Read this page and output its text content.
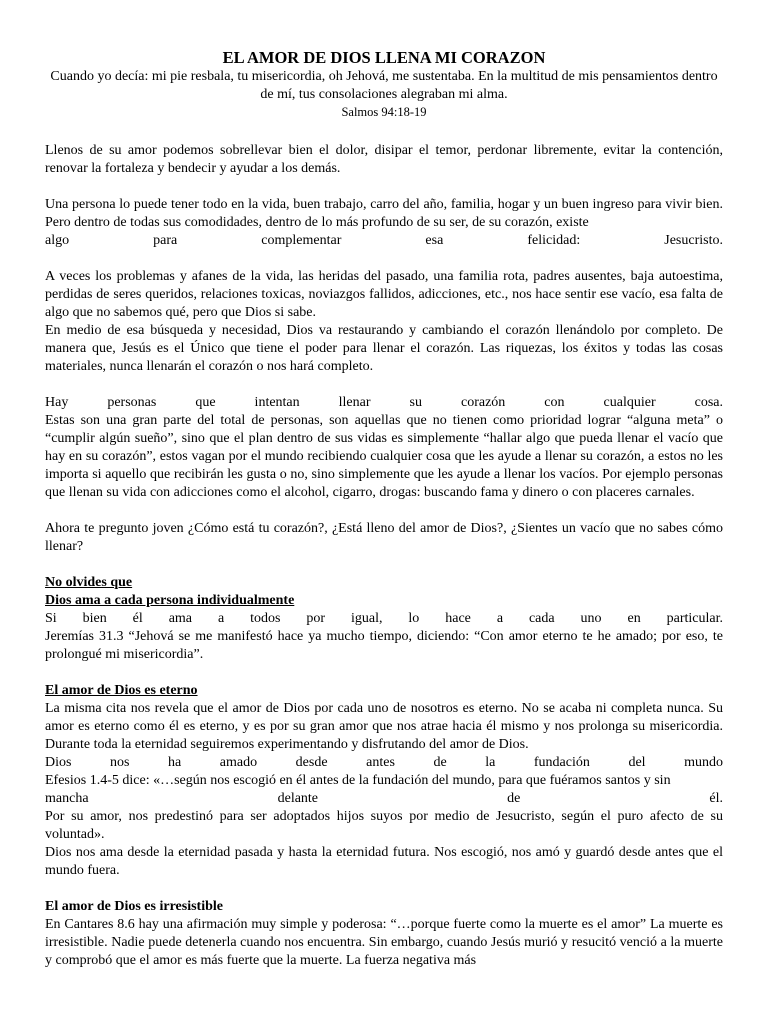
EL AMOR DE DIOS LLENA MI CORAZON

Cuando yo decía: mi pie resbala, tu misericordia, oh Jehová, me sustentaba. En la multitud de mis pensamientos dentro de mí, tus consolaciones alegraban mi alma.

Salmos 94:18-19

Llenos de su amor podemos sobrellevar bien el dolor, disipar el temor, perdonar libremente, evitar la contención, renovar la fortaleza y bendecir y ayudar a los demás.

Una persona lo puede tener todo en la vida, buen trabajo, carro del año, familia, hogar y un buen ingreso para vivir bien. Pero dentro de todas sus comodidades, dentro de lo más profundo de su ser, de su corazón, existe

algo para complementar esa felicidad: Jesucristo.

A veces los problemas y afanes de la vida, las heridas del pasado, una familia rota, padres ausentes, baja autoestima, perdidas de seres queridos, relaciones toxicas, noviazgos fallidos, adicciones, etc., nos hace sentir ese vacío, esa falta de algo que no sabemos qué, pero que Dios si sabe.

En medio de esa búsqueda y necesidad, Dios va restaurando y cambiando el corazón llenándolo por completo. De manera que, Jesús es el Único que tiene el poder para llenar el corazón. Las riquezas, los éxitos y todas las cosas materiales, nunca llenarán el corazón o nos hará completo.

Hay personas que intentan llenar su corazón con cualquier cosa.

Estas son una gran parte del total de personas, son aquellas que no tienen como prioridad lograr “alguna meta” o “cumplir algún sueño”, sino que el plan dentro de sus vidas es simplemente “hallar algo que pueda llenar el vacío que hay en su corazón”, estos vagan por el mundo recibiendo cualquier cosa que les ayude a llenar su corazón, a estos no les importa si aquello que recibirán les gusta o no, sino simplemente que les ayude a llenar los vacíos. Por ejemplo personas que llenan su vida con adicciones como el alcohol, cigarro, drogas: buscando fama y dinero o con placeres carnales.

Ahora te pregunto joven ¿Cómo está tu corazón?, ¿Está lleno del amor de Dios?, ¿Sientes un vacío que no sabes cómo llenar?

No olvides que

Dios ama a cada persona individualmente

Si bien él ama a todos por igual, lo hace a cada uno en particular.

Jeremías 31.3 “Jehová se me manifestó hace ya mucho tiempo, diciendo: “Con amor eterno te he amado; por eso, te prolongué mi misericordia”.

El amor de Dios es eterno

La misma cita nos revela que el amor de Dios por cada uno de nosotros es eterno. No se acaba ni completa nunca. Su amor es eterno como él es eterno, y es por su gran amor que nos atrae hacia él mismo y nos prolonga su misericordia. Durante toda la eternidad seguiremos experimentando y disfrutando del amor de Dios.

Dios nos ha amado desde antes de la fundación del mundo

Efesios 1.4-5 dice: «…según nos escogió en él antes de la fundación del mundo, para que fuéramos santos y sin

mancha delante de él.

Por su amor, nos predestinó para ser adoptados hijos suyos por medio de Jesucristo, según el puro afecto de su voluntad».

Dios nos ama desde la eternidad pasada y hasta la eternidad futura. Nos escogió, nos amó y guardó desde antes que el mundo fuera.

El amor de Dios es irresistible

En Cantares 8.6 hay una afirmación muy simple y poderosa: “…porque fuerte como la muerte es el amor” La muerte es irresistible. Nadie puede detenerla cuando nos encuentra. Sin embargo, cuando Jesús murió y resucitó venció a la muerte y comprobó que el amor es más fuerte que la muerte. La fuerza negativa más
